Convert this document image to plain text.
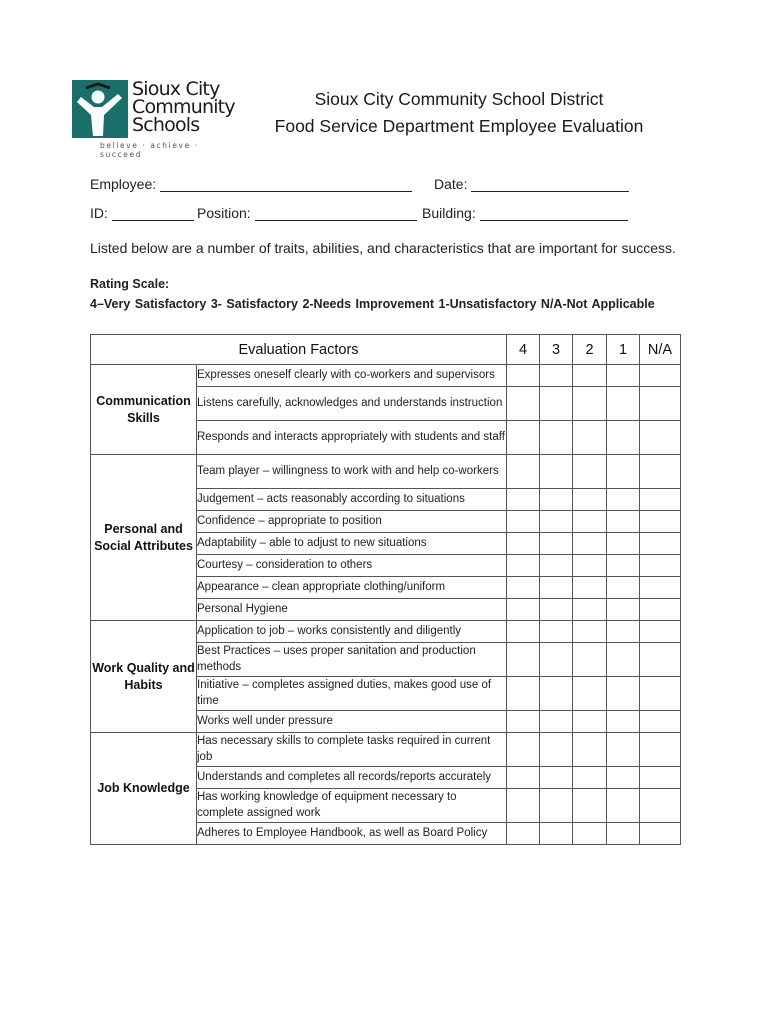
Sioux City
Community
Schools
believe · achieve · succeed
Sioux City Community School District
Food Service Department Employee Evaluation
Employee:	Date:
ID:	Position:	Building:
Listed below are a number of traits, abilities, and characteristics that are important for success.
Rating Scale:
4–Very Satisfactory 3- Satisfactory 2-Needs Improvement 1-Unsatisfactory N/A-Not Applicable
Evaluation Factors		4	3	2	1	N/A
Communication Skills	Expresses oneself clearly with co-workers and supervisors					
	Listens carefully, acknowledges and understands instruction					
	Responds and interacts appropriately with students and staff					
Personal and Social Attributes	Team player – willingness to work with and help co-workers					
	Judgement – acts reasonably according to situations					
	Confidence – appropriate to position					
	Adaptability – able to adjust to new situations					
	Courtesy – consideration to others					
	Appearance – clean appropriate clothing/uniform					
	Personal Hygiene					
Work Quality and Habits	Application to job – works consistently and diligently					
	Best Practices – uses proper sanitation and production methods					
	Initiative – completes assigned duties, makes good use of time					
	Works well under pressure					
Job Knowledge	Has necessary skills to complete tasks required in current job					
	Understands and completes all records/reports accurately					
	Has working knowledge of equipment necessary to complete assigned work					
	Adheres to Employee Handbook, as well as Board Policy					
